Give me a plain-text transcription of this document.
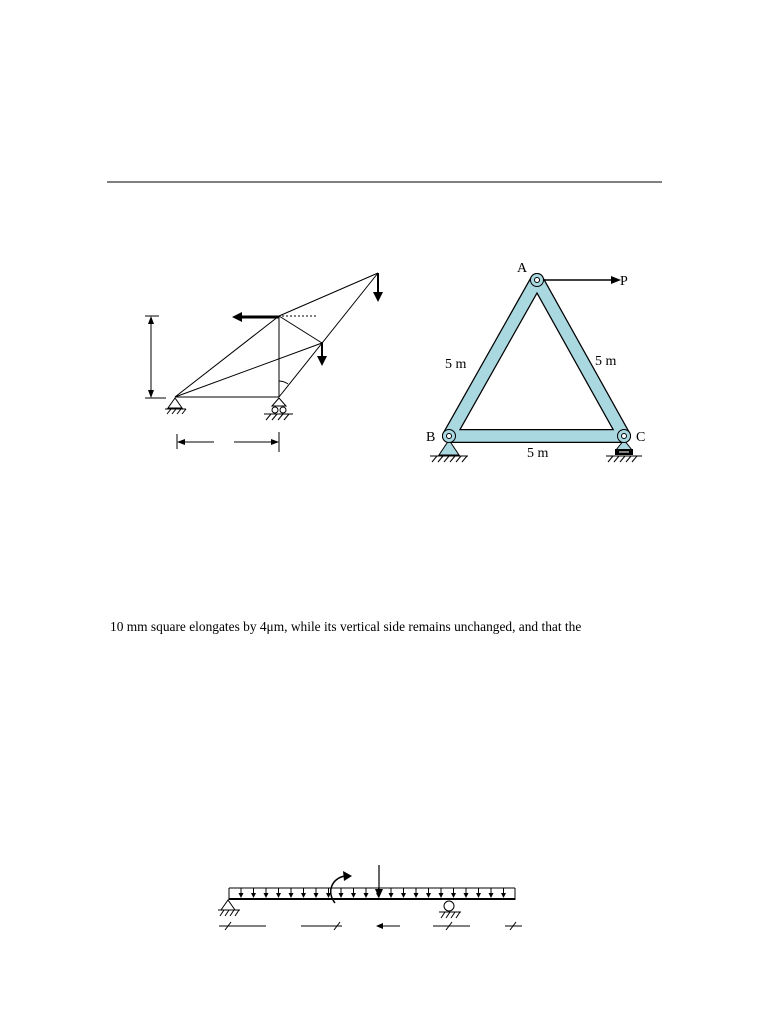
A
B	C
P
5 m	5 m
5 m
10 mm square elongates by 4μm, while its vertical side remains unchanged, and that the
